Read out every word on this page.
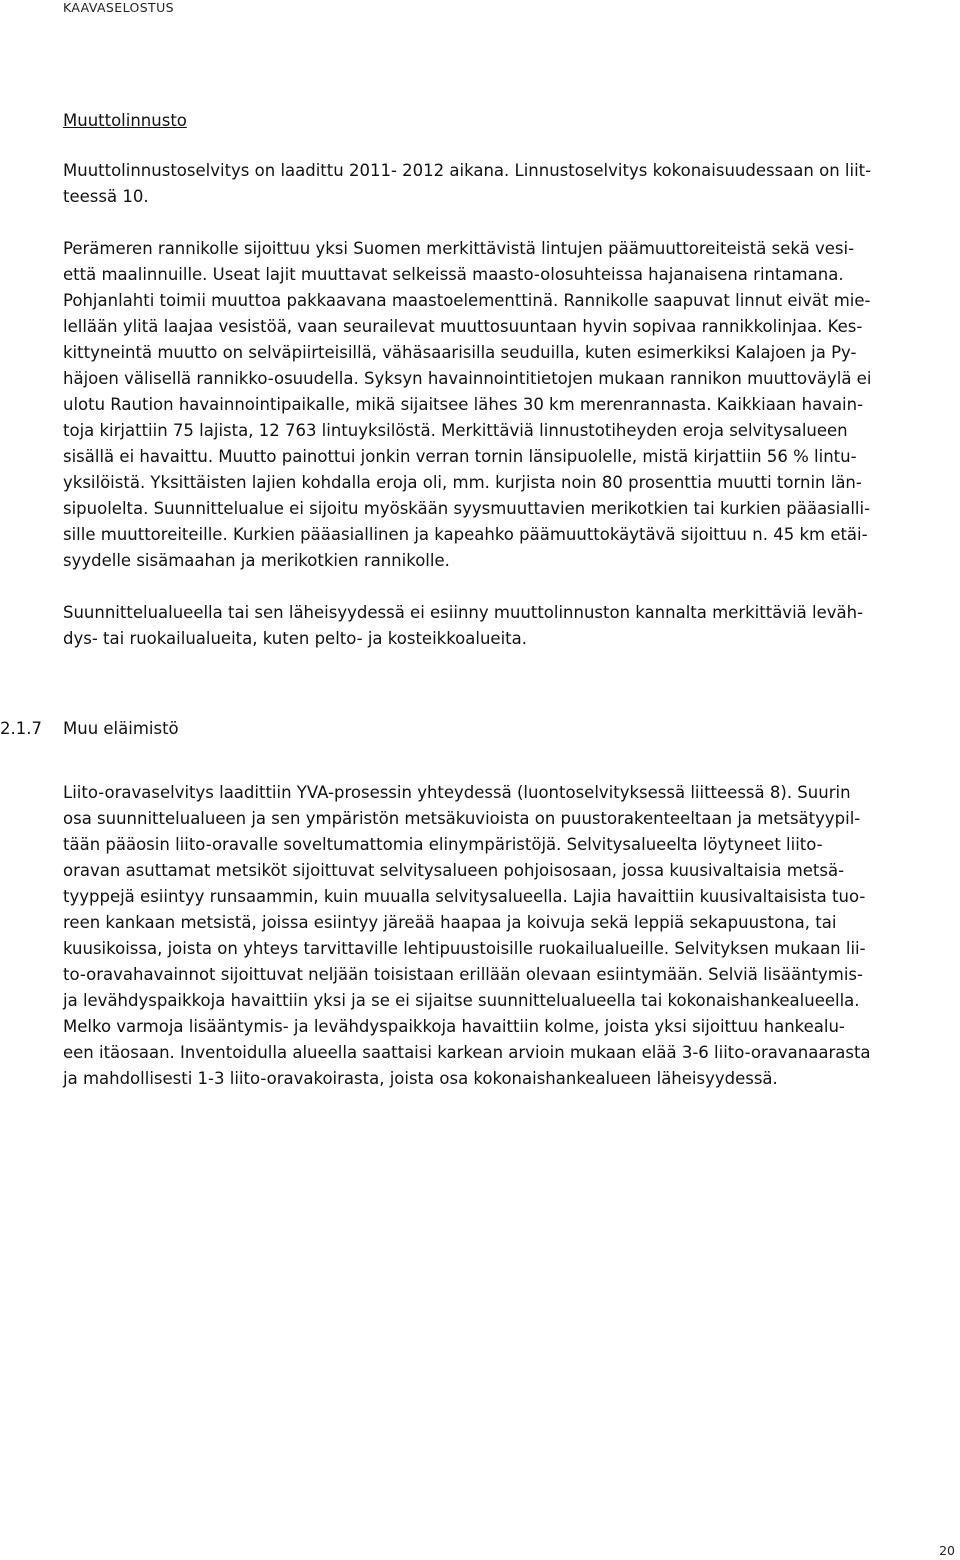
KAAVASELOSTUS
Muuttolinnusto
Muuttolinnustoselvitys on laadittu 2011- 2012 aikana. Linnustoselvitys kokonaisuudessaan on liit-
teessä 10.
Perämeren rannikolle sijoittuu yksi Suomen merkittävistä lintujen päämuuttoreiteistä sekä vesi-
että maalinnuille. Useat lajit muuttavat selkeissä maasto-olosuhteissa hajanaisena rintamana.
Pohjanlahti toimii muuttoa pakkaavana maastoelementtinä. Rannikolle saapuvat linnut eivät mie-
lellään ylitä laajaa vesistöä, vaan seurailevat muuttosuuntaan hyvin sopivaa rannikkolinjaa. Kes-
kittyneintä muutto on selväpiirteisillä, vähäsaarisilla seuduilla, kuten esimerkiksi Kalajoen ja Py-
häjoen välisellä rannikko-osuudella. Syksyn havainnointitietojen mukaan rannikon muuttoväylä ei
ulotu Raution havainnointipaikalle, mikä sijaitsee lähes 30 km merenrannasta. Kaikkiaan havain-
toja kirjattiin 75 lajista, 12 763 lintuyksilöstä. Merkittäviä linnustotiheyden eroja selvitysalueen
sisällä ei havaittu. Muutto painottui jonkin verran tornin länsipuolelle, mistä kirjattiin 56 % lintu-
yksilöistä. Yksittäisten lajien kohdalla eroja oli, mm. kurjista noin 80 prosenttia muutti tornin län-
sipuolelta. Suunnittelualue ei sijoitu myöskään syysmuuttavien merikotkien tai kurkien pääasialli-
sille muuttoreiteille. Kurkien pääasiallinen ja kapeahko päämuuttokäytävä sijoittuu n. 45 km etäi-
syydelle sisämaahan ja merikotkien rannikolle.
Suunnittelualueella tai sen läheisyydessä ei esiinny muuttolinnuston kannalta merkittäviä leväh-
dys- tai ruokailualueita, kuten pelto- ja kosteikkoalueita.
2.1.7 Muu eläimistö
Liito-oravaselvitys laadittiin YVA-prosessin yhteydessä (luontoselvityksessä liitteessä 8). Suurin
osa suunnittelualueen ja sen ympäristön metsäkuvioista on puustorakenteeltaan ja metsätyypil-
tään pääosin liito-oravalle soveltumattomia elinympäristöjä. Selvitysalueelta löytyneet liito-
oravan asuttamat metsiköt sijoittuvat selvitysalueen pohjoisosaan, jossa kuusivaltaisia metsä-
tyyppejä esiintyy runsaammin, kuin muualla selvitysalueella. Lajia havaittiin kuusivaltaisista tuo-
reen kankaan metsistä, joissa esiintyy järeää haapaa ja koivuja sekä leppiä sekapuustona, tai
kuusikoissa, joista on yhteys tarvittaville lehtipuustoisille ruokailualueille. Selvityksen mukaan lii-
to-oravahavainnot sijoittuvat neljään toisistaan erillään olevaan esiintymään. Selviä lisääntymis-
ja levähdyspaikkoja havaittiin yksi ja se ei sijaitse suunnittelualueella tai kokonaishankealueella.
Melko varmoja lisääntymis- ja levähdyspaikkoja havaittiin kolme, joista yksi sijoittuu hankealu-
een itäosaan. Inventoidulla alueella saattaisi karkean arvioin mukaan elää 3-6 liito-oravanaarasta
ja mahdollisesti 1-3 liito-oravakoirasta, joista osa kokonaishankealueen läheisyydessä.
20
